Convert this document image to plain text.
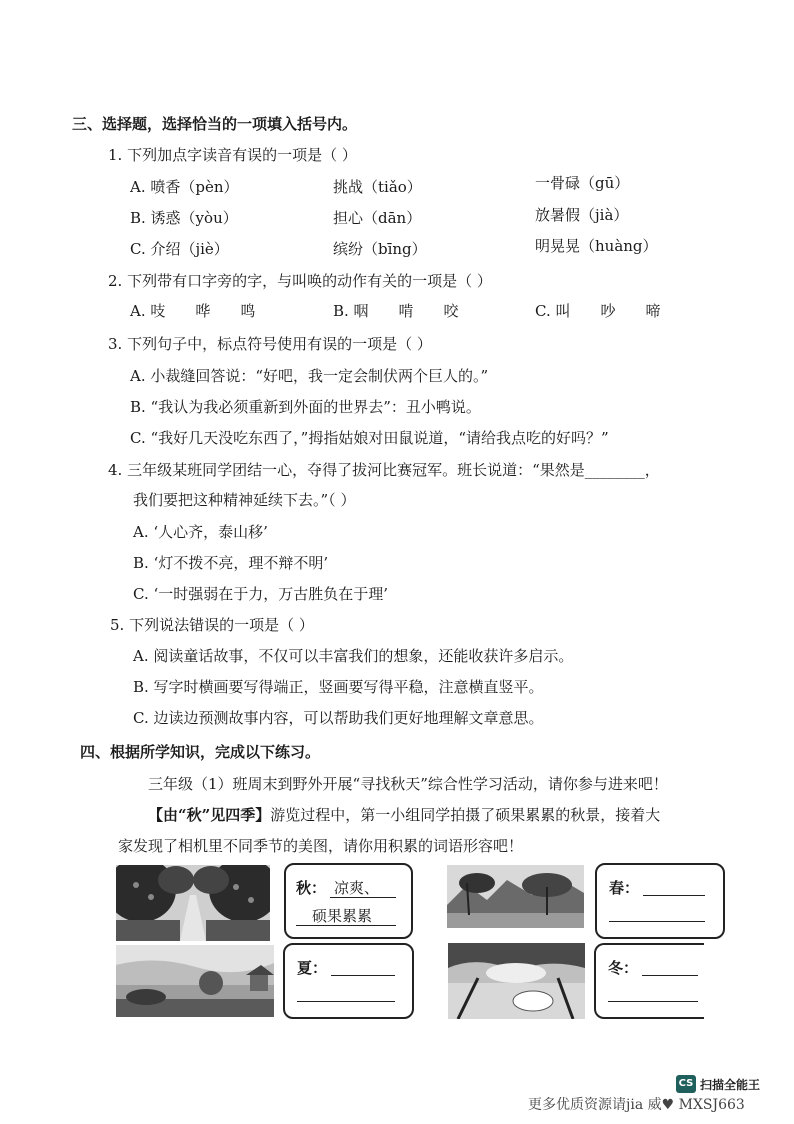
三、选择题，选择恰当的一项填入括号内。
1. 下列加点字读音有误的一项是（ ）
A. 喷香（pèn）	挑战（tiǎo）	一骨碌（gū）
B. 诱惑（yòu）	担心（dān）	放暑假（jià）
C. 介绍（jiè）	缤纷（bīng）	明晃晃（huàng）
2. 下列带有口字旁的字，与叫唤的动作有关的一项是（ ）
A. 吱　　哗　　鸣	B. 咽　　啃　　咬	C. 叫　　吵　　啼
3. 下列句子中，标点符号使用有误的一项是（ ）
A. 小裁缝回答说：“好吧，我一定会制伏两个巨人的。”
B. “我认为我必须重新到外面的世界去”：丑小鸭说。
C. “我好几天没吃东西了，”拇指姑娘对田鼠说道，“请给我点吃的好吗？”
4. 三年级某班同学团结一心，夺得了拔河比赛冠军。班长说道：“果然是________，
我们要把这种精神延续下去。”（ ）
A. ‘人心齐，泰山移’
B. ‘灯不拨不亮，理不辩不明’
C. ‘一时强弱在于力，万古胜负在于理’
5. 下列说法错误的一项是（ ）
A. 阅读童话故事，不仅可以丰富我们的想象，还能收获许多启示。
B. 写字时横画要写得端正，竖画要写得平稳，注意横直竖平。
C. 边读边预测故事内容，可以帮助我们更好地理解文章意思。
四、根据所学知识，完成以下练习。
三年级（1）班周末到野外开展“寻找秋天”综合性学习活动，请你参与进来吧！
【由“秋”见四季】游览过程中，第一小组同学拍摄了硕果累累的秋景，接着大
家发现了相机里不同季节的美图，请你用积累的词语形容吧！
秋： 凉爽、
硕果累累
春：
夏：	冬：
CS 扫描全能王
更多优质资源请jia 威♥ MXSJ663
